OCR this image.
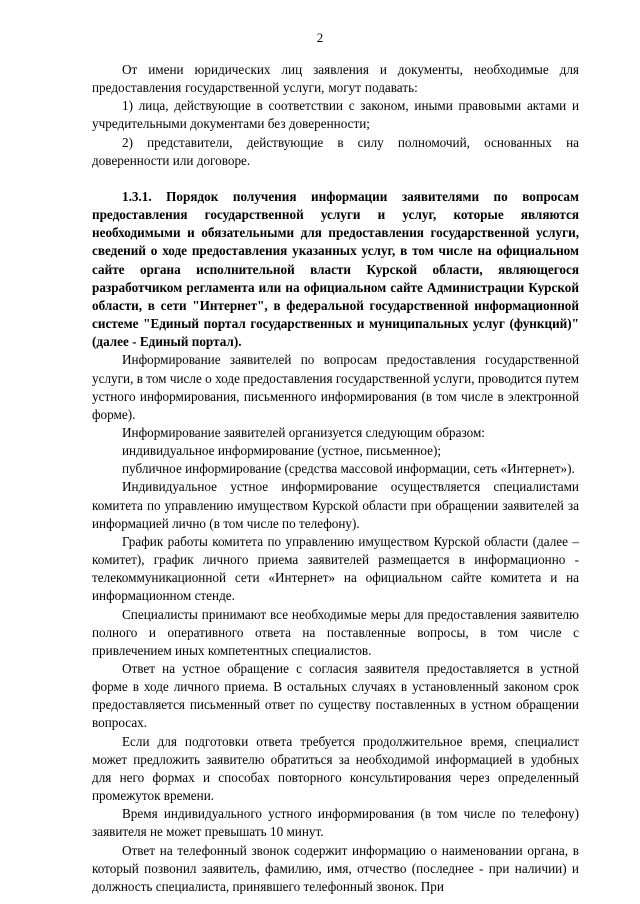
2

От имени юридических лиц заявления и документы, необходимые для предоставления государственной услуги, могут подавать:

1) лица, действующие в соответствии с законом, иными правовыми актами и учредительными документами без доверенности;

2) представители, действующие в силу полномочий, основанных на доверенности или договоре.

1.3.1. Порядок получения информации заявителями по вопросам предоставления государственной услуги и услуг, которые являются необходимыми и обязательными для предоставления государственной услуги, сведений о ходе предоставления указанных услуг, в том числе на официальном сайте органа исполнительной власти Курской области, являющегося разработчиком регламента или на официальном сайте Администрации Курской области, в сети "Интернет", в федеральной государственной информационной системе "Единый портал государственных и муниципальных услуг (функций)" (далее - Единый портал).

Информирование заявителей по вопросам предоставления государственной услуги, в том числе о ходе предоставления государственной услуги, проводится путем устного информирования, письменного информирования (в том числе в электронной форме).

Информирование заявителей организуется следующим образом:

индивидуальное информирование (устное, письменное);

публичное информирование (средства массовой информации, сеть «Интернет»).

Индивидуальное устное информирование осуществляется специалистами комитета по управлению имуществом Курской области при обращении заявителей за информацией лично (в том числе по телефону).

График работы комитета по управлению имуществом Курской области (далее – комитет), график личного приема заявителей размещается в информационно - телекоммуникационной сети «Интернет» на официальном сайте комитета и на информационном стенде.

Специалисты принимают все необходимые меры для предоставления заявителю полного и оперативного ответа на поставленные вопросы, в том числе с привлечением иных компетентных специалистов.

Ответ на устное обращение с согласия заявителя предоставляется в устной форме в ходе личного приема. В остальных случаях в установленный законом срок предоставляется письменный ответ по существу поставленных в устном обращении вопросах.

Если для подготовки ответа требуется продолжительное время, специалист может предложить заявителю обратиться за необходимой информацией в удобных для него формах и способах повторного консультирования через определенный промежуток времени.

Время индивидуального устного информирования (в том числе по телефону) заявителя не может превышать 10 минут.

Ответ на телефонный звонок содержит информацию о наименовании органа, в который позвонил заявитель, фамилию, имя, отчество (последнее - при наличии) и должность специалиста, принявшего телефонный звонок. При
